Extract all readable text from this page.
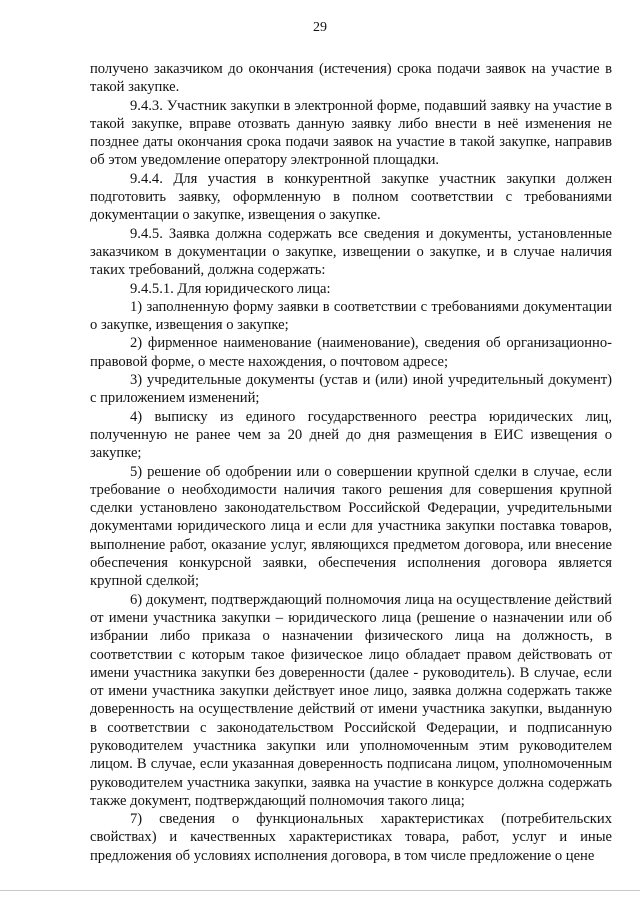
29

получено заказчиком до окончания (истечения) срока подачи заявок на участие в такой закупке.

9.4.3. Участник закупки в электронной форме, подавший заявку на участие в такой закупке, вправе отозвать данную заявку либо внести в неё изменения не позднее даты окончания срока подачи заявок на участие в такой закупке, направив об этом уведомление оператору электронной площадки.

9.4.4. Для участия в конкурентной закупке участник закупки должен подготовить заявку, оформленную в полном соответствии с требованиями документации о закупке, извещения о закупке.

9.4.5. Заявка должна содержать все сведения и документы, установленные заказчиком в документации о закупке, извещении о закупке, и в случае наличия таких требований, должна содержать:

9.4.5.1. Для юридического лица:

1) заполненную форму заявки в соответствии с требованиями документации о закупке, извещения о закупке;

2) фирменное наименование (наименование), сведения об организационно-правовой форме, о месте нахождения, о почтовом адресе;

3) учредительные документы (устав и (или) иной учредительный документ) с приложением изменений;

4) выписку из единого государственного реестра юридических лиц, полученную не ранее чем за 20 дней до дня размещения в ЕИС извещения о закупке;

5) решение об одобрении или о совершении крупной сделки в случае, если требование о необходимости наличия такого решения для совершения крупной сделки установлено законодательством Российской Федерации, учредительными документами юридического лица и если для участника закупки поставка товаров, выполнение работ, оказание услуг, являющихся предметом договора, или внесение обеспечения конкурсной заявки, обеспечения исполнения договора является крупной сделкой;

6) документ, подтверждающий полномочия лица на осуществление действий от имени участника закупки – юридического лица (решение о назначении или об избрании либо приказа о назначении физического лица на должность, в соответствии с которым такое физическое лицо обладает правом действовать от имени участника закупки без доверенности (далее - руководитель). В случае, если от имени участника закупки действует иное лицо, заявка должна содержать также доверенность на осуществление действий от имени участника закупки, выданную в соответствии с законодательством Российской Федерации, и подписанную руководителем участника закупки или уполномоченным этим руководителем лицом. В случае, если указанная доверенность подписана лицом, уполномоченным руководителем участника закупки, заявка на участие в конкурсе должна содержать также документ, подтверждающий полномочия такого лица;

7) сведения о функциональных характеристиках (потребительских свойствах) и качественных характеристиках товара, работ, услуг и иные предложения об условиях исполнения договора, в том числе предложение о цене
